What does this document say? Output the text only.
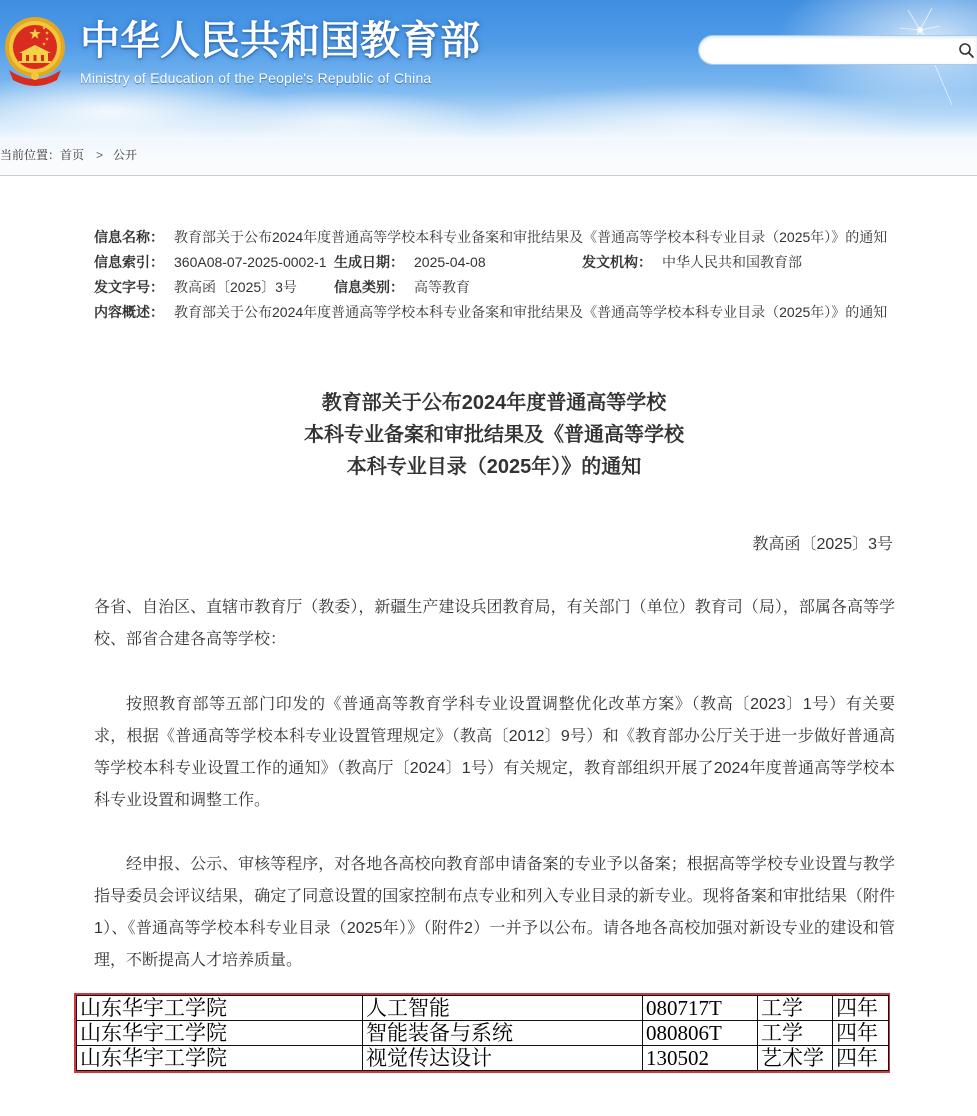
中华人民共和国教育部
Ministry of Education of the People's Republic of China
当前位置：首页 > 公开
信息名称： 教育部关于公布2024年度普通高等学校本科专业备案和审批结果及《普通高等学校本科专业目录（2025年）》的通知
信息索引： 360A08-07-2025-0002-1 生成日期： 2025-04-08	发文机构： 中华人民共和国教育部
发文字号： 教高函〔2025〕3号	信息类别： 高等教育
内容概述： 教育部关于公布2024年度普通高等学校本科专业备案和审批结果及《普通高等学校本科专业目录（2025年）》的通知
教育部关于公布2024年度普通高等学校
本科专业备案和审批结果及《普通高等学校
本科专业目录（2025年）》的通知
教高函〔2025〕3号
各省、自治区、直辖市教育厅（教委），新疆生产建设兵团教育局，有关部门（单位）教育司（局），部属各高等学校、部省合建各高等学校：
按照教育部等五部门印发的《普通高等教育学科专业设置调整优化改革方案》（教高〔2023〕1号）有关要求，根据《普通高等学校本科专业设置管理规定》（教高〔2012〕9号）和《教育部办公厅关于进一步做好普通高等学校本科专业设置工作的通知》（教高厅〔2024〕1号）有关规定，教育部组织开展了2024年度普通高等学校本科专业设置和调整工作。
经申报、公示、审核等程序，对各地各高校向教育部申请备案的专业予以备案；根据高等学校专业设置与教学指导委员会评议结果，确定了同意设置的国家控制布点专业和列入专业目录的新专业。现将备案和审批结果（附件1）、《普通高等学校本科专业目录（2025年）》（附件2）一并予以公布。请各地各高校加强对新设专业的建设和管理，不断提高人才培养质量。
山东华宇工学院	人工智能	080717T	工学	四年
山东华宇工学院	智能装备与系统	080806T	工学	四年
山东华宇工学院	视觉传达设计	130502	艺术学	四年
